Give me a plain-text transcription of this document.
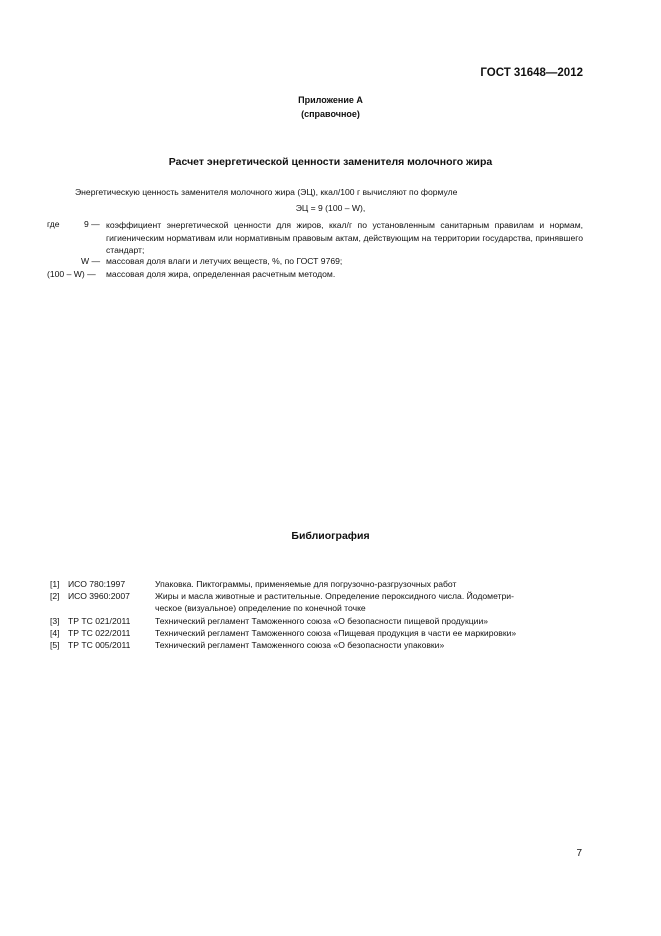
ГОСТ 31648—2012
Приложение А
(справочное)
Расчет энергетической ценности заменителя молочного жира
Энергетическую ценность заменителя молочного жира (ЭЦ), ккал/100 г вычисляют по формуле
ЭЦ = 9 (100 – W),
где	9 — коэффициент энергетической ценности для жиров, ккал/г по установленным санитарным правилам и нормам, гигиеническим нормативам или нормативным правовым актам, действующим на территории государства, принявшего стандарт;
W — массовая доля влаги и летучих веществ, %, по ГОСТ 9769;
(100 – W) — массовая доля жира, определенная расчетным методом.
Библиография
[1] ИСО 780:1997	Упаковка. Пиктограммы, применяемые для погрузочно-разгрузочных работ
[2] ИСО 3960:2007	Жиры и масла животные и растительные. Определение пероксидного числа. Йодометри-
ческое (визуальное) определение по конечной точке
[3] ТР ТС 021/2011	Технический регламент Таможенного союза «О безопасности пищевой продукции»
[4] ТР ТС 022/2011	Технический регламент Таможенного союза «Пищевая продукция в части ее маркировки»
[5] ТР ТС 005/2011	Технический регламент Таможенного союза «О безопасности упаковки»
7
